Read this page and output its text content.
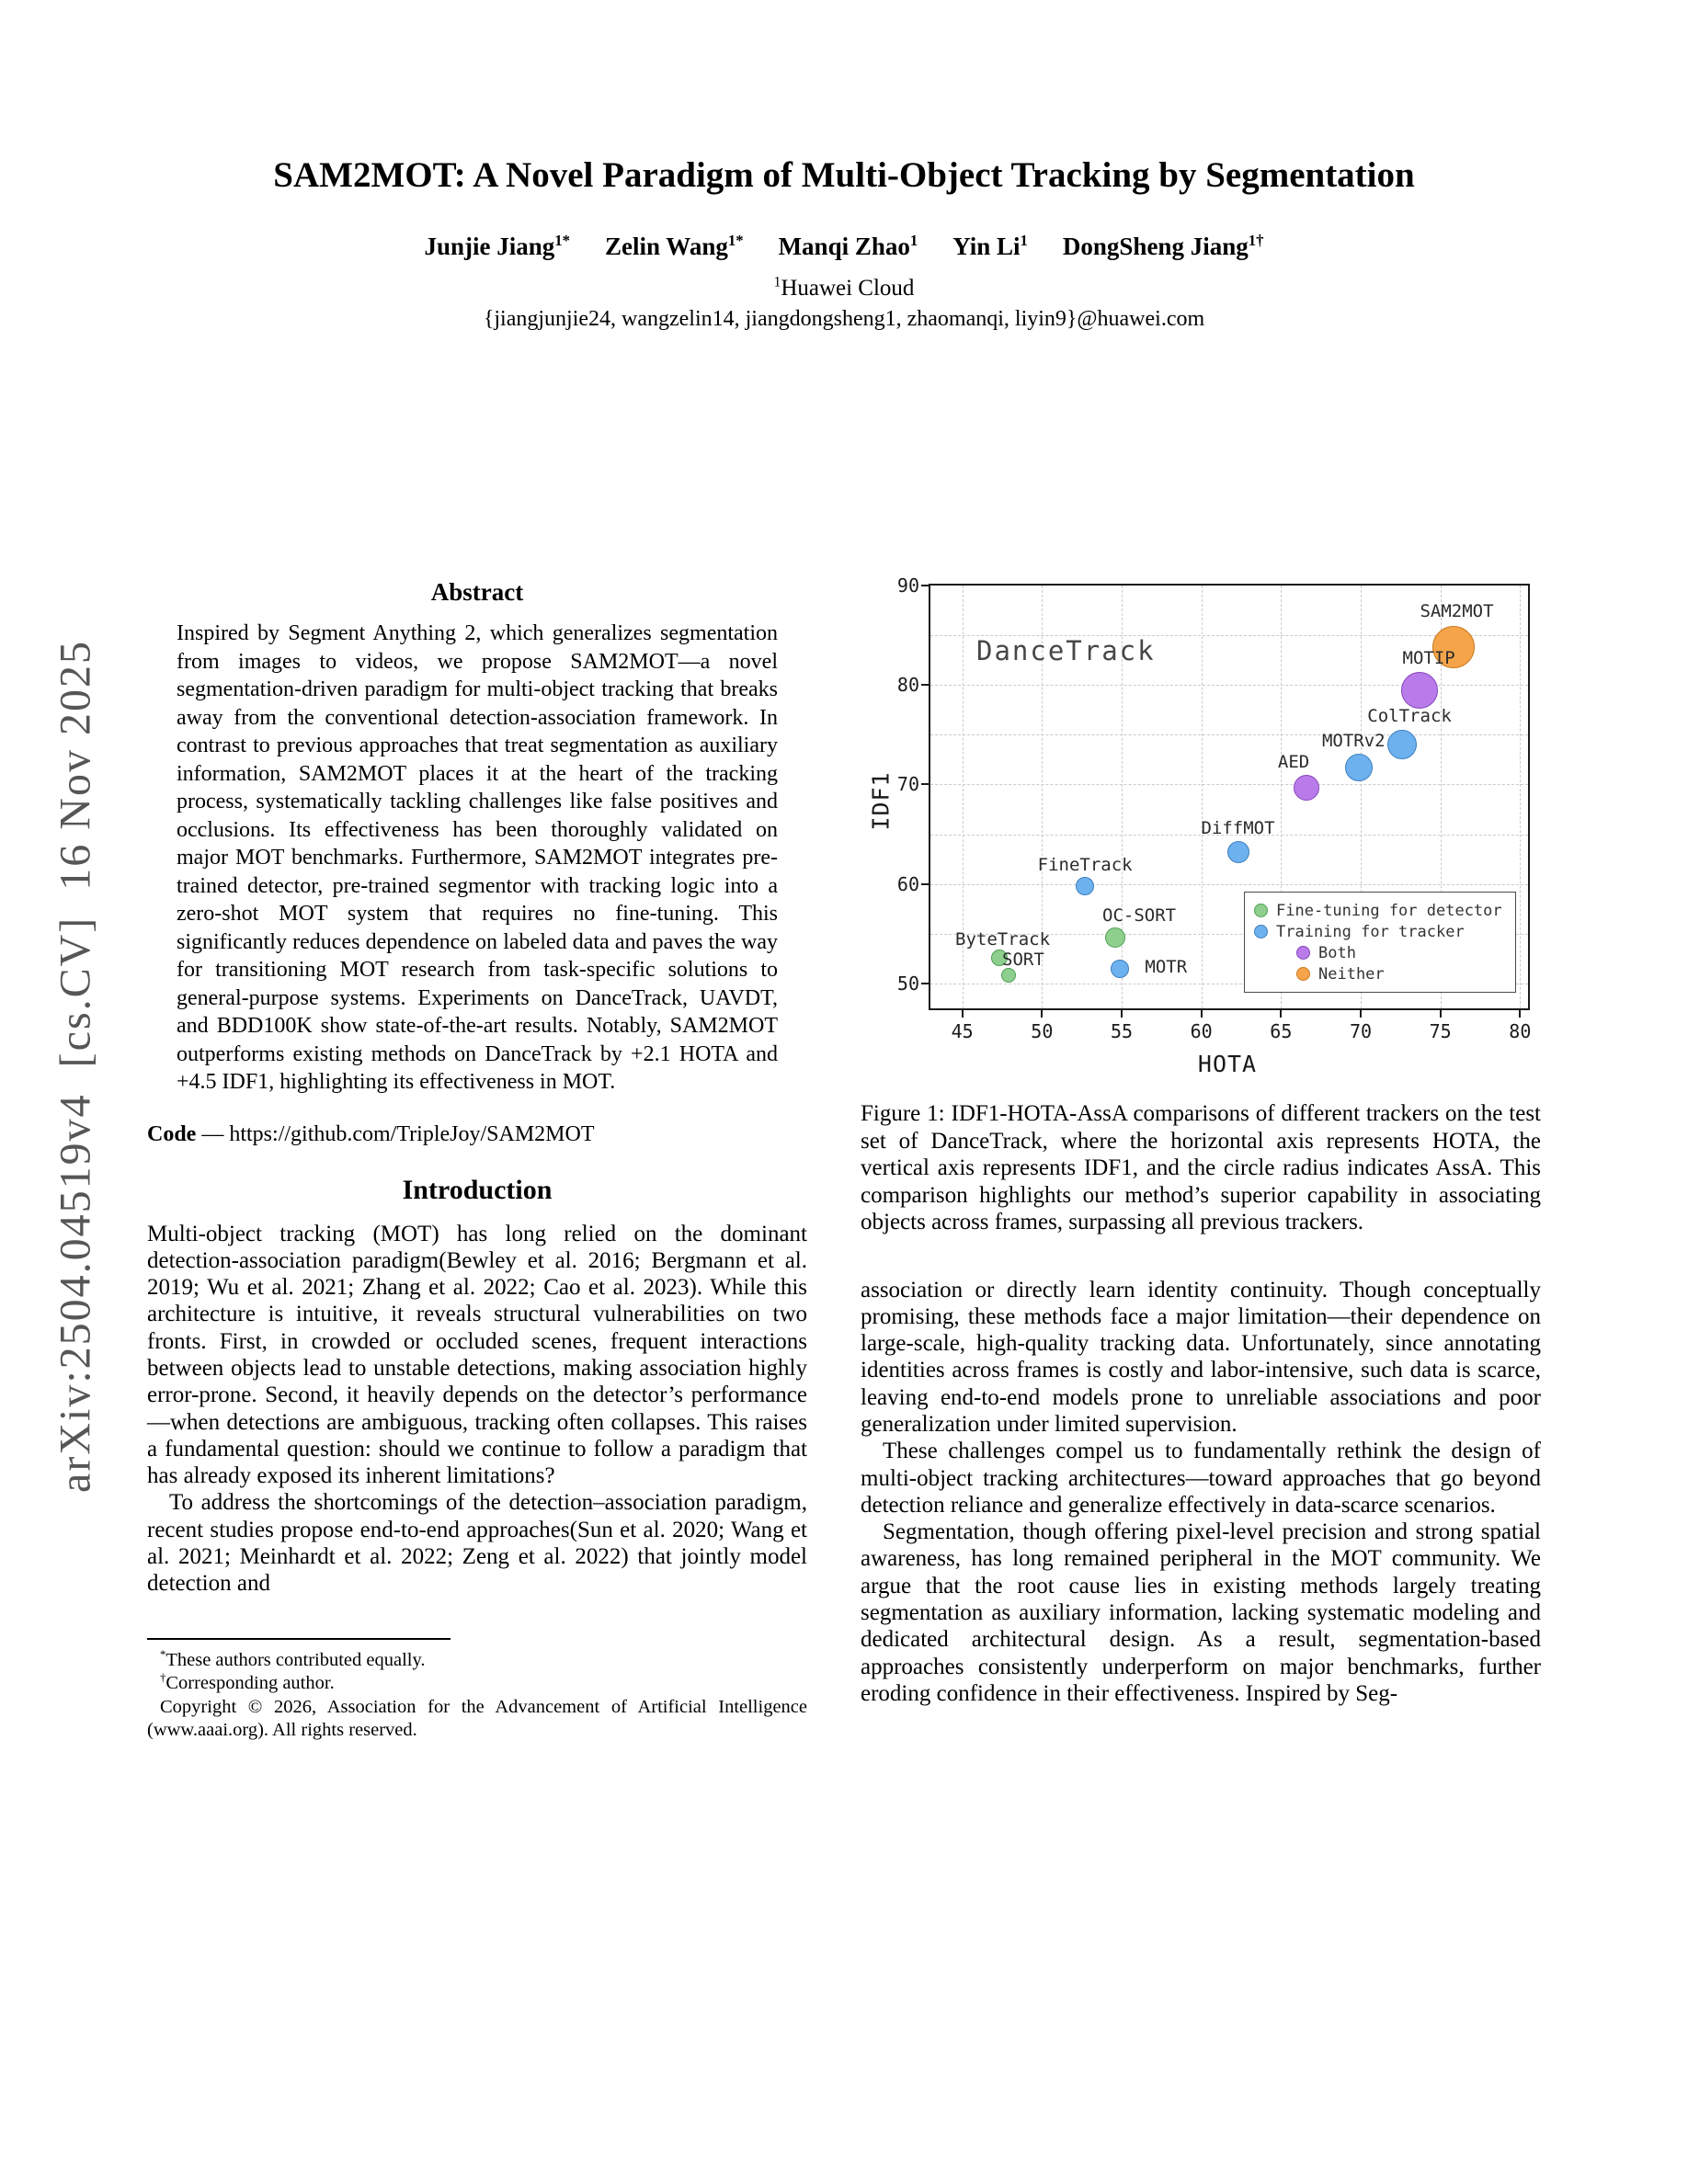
arXiv:2504.04519v4  [cs.CV]  16 Nov 2025
SAM2MOT: A Novel Paradigm of Multi-Object Tracking by Segmentation
Junjie Jiang$^{1*}$ Zelin Wang$^{1*}$ Manqi Zhao$^1$ Yin Li$^1$ DongSheng Jiang$^{1\dagger}$
$^1$Huawei Cloud
{jiangjunjie24, wangzelin14, jiangdongsheng1, zhaomanqi, liyin9}@huawei.com
Abstract

Inspired by Segment Anything 2, which generalizes segmentation from images to videos, we propose SAM2MOT—a novel segmentation-driven paradigm for multi-object tracking that breaks away from the conventional detection-association framework. In contrast to previous approaches that treat segmentation as auxiliary information, SAM2MOT places it at the heart of the tracking process, systematically tackling challenges like false positives and occlusions. Its effectiveness has been thoroughly validated on major MOT benchmarks. Furthermore, SAM2MOT integrates pre-trained detector, pre-trained segmentor with tracking logic into a zero-shot MOT system that requires no fine-tuning. This significantly reduces dependence on labeled data and paves the way for transitioning MOT research from task-specific solutions to general-purpose systems. Experiments on DanceTrack, UAVDT, and BDD100K show state-of-the-art results. Notably, SAM2MOT outperforms existing methods on DanceTrack by +2.1 HOTA and +4.5 IDF1, highlighting its effectiveness in MOT.

Code — https://github.com/TripleJoy/SAM2MOT

Introduction

Multi-object tracking (MOT) has long relied on the dominant detection-association paradigm(Bewley et al. 2016; Bergmann et al. 2019; Wu et al. 2021; Zhang et al. 2022; Cao et al. 2023). While this architecture is intuitive, it reveals structural vulnerabilities on two fronts. First, in crowded or occluded scenes, frequent interactions between objects lead to unstable detections, making association highly error-prone. Second, it heavily depends on the detector’s performance—when detections are ambiguous, tracking often collapses. This raises a fundamental question: should we continue to follow a paradigm that has already exposed its inherent limitations?

To address the shortcomings of the detection–association paradigm, recent studies propose end-to-end approaches(Sun et al. 2020; Wang et al. 2021; Meinhardt et al. 2022; Zeng et al. 2022) that jointly model detection and

*These authors contributed equally.

†Corresponding author.

Copyright © 2026, Association for the Advancement of Artificial Intelligence (www.aaai.org). All rights reserved.

IDF1
45	50	55	60	65	70	75	80
50
60
70
80
90
DanceTrack
SORT
ByteTrack
OC-SORT
MOTR
FineTrack
DiffMOT
AED
MOTRv2
ColTrack
MOTIP
SAM2MOT
Fine-tuning for detector
Training for tracker
Both
Neither
HOTA

Figure 1: IDF1-HOTA-AssA comparisons of different trackers on the test set of DanceTrack, where the horizontal axis represents HOTA, the vertical axis represents IDF1, and the circle radius indicates AssA. This comparison highlights our method’s superior capability in associating objects across frames, surpassing all previous trackers.

association or directly learn identity continuity. Though conceptually promising, these methods face a major limitation—their dependence on large-scale, high-quality tracking data. Unfortunately, since annotating identities across frames is costly and labor-intensive, such data is scarce, leaving end-to-end models prone to unreliable associations and poor generalization under limited supervision.

These challenges compel us to fundamentally rethink the design of multi-object tracking architectures—toward approaches that go beyond detection reliance and generalize effectively in data-scarce scenarios.

Segmentation, though offering pixel-level precision and strong spatial awareness, has long remained peripheral in the MOT community. We argue that the root cause lies in existing methods largely treating segmentation as auxiliary information, lacking systematic modeling and dedicated architectural design. As a result, segmentation-based approaches consistently underperform on major benchmarks, further eroding confidence in their effectiveness. Inspired by Seg-
